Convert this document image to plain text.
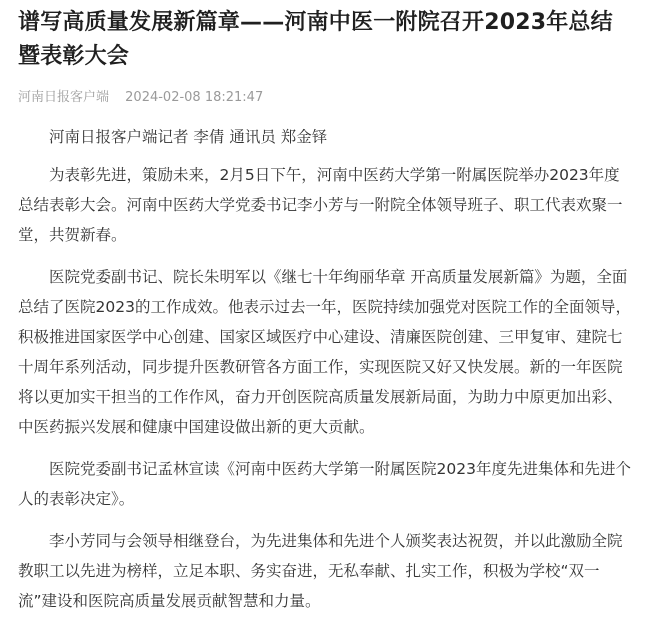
谱写高质量发展新篇章——河南中医一附院召开2023年总结暨表彰大会
河南日报客户端 2024-02-08 18:21:47

河南日报客户端记者 李倩 通讯员 郑金铎

为表彰先进，策励未来，2月5日下午，河南中医药大学第一附属医院举办2023年度总结表彰大会。河南中医药大学党委书记李小芳与一附院全体领导班子、职工代表欢聚一堂，共贺新春。

医院党委副书记、院长朱明军以《继七十年绚丽华章 开高质量发展新篇》为题，全面总结了医院2023的工作成效。他表示过去一年，医院持续加强党对医院工作的全面领导，积极推进国家医学中心创建、国家区域医疗中心建设、清廉医院创建、三甲复审、建院七十周年系列活动，同步提升医教研管各方面工作，实现医院又好又快发展。新的一年医院将以更加实干担当的工作作风，奋力开创医院高质量发展新局面，为助力中原更加出彩、中医药振兴发展和健康中国建设做出新的更大贡献。

医院党委副书记孟林宣读《河南中医药大学第一附属医院2023年度先进集体和先进个人的表彰决定》。

李小芳同与会领导相继登台，为先进集体和先进个人颁奖表达祝贺，并以此激励全院教职工以先进为榜样，立足本职、务实奋进，无私奉献、扎实工作，积极为学校“双一流”建设和医院高质量发展贡献智慧和力量。
